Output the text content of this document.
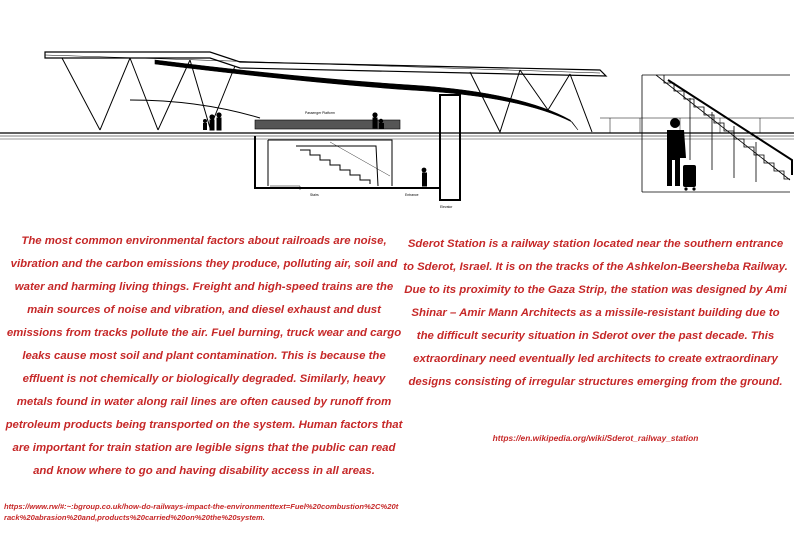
Passenger Platform
Stairs	Entrance
Elevator
The most common environmental factors about railroads are noise, vibration and the carbon emissions they produce, polluting air, soil and water and harming living things. Freight and high-speed trains are the main sources of noise and vibration, and diesel exhaust and dust emissions from tracks pollute the air. Fuel burning, truck wear and cargo leaks cause most soil and plant contamination. This is because the effluent is not chemically or biologically degraded. Similarly, heavy metals found in water along rail lines are often caused by runoff from petroleum products being transported on the system. Human factors that are important for train station are legible signs that the public can read and know where to go and having disability access in all areas.
https://www.rw/#:~:bgroup.co.uk/how-do-railways-impact-the-environmenttext=Fuel%20combustion%2C%20track%20abrasion%20and,products%20carried%20on%20the%20system.
Sderot Station is a railway station located near the southern entrance to Sderot, Israel. It is on the tracks of the Ashkelon-Beersheba Railway. Due to its proximity to the Gaza Strip, the station was designed by Ami Shinar – Amir Mann Architects as a missile-resistant building due to the difficult security situation in Sderot over the past decade. This extraordinary need eventually led architects to create extraordinary designs consisting of irregular structures emerging from the ground.
https://en.wikipedia.org/wiki/Sderot_railway_station
